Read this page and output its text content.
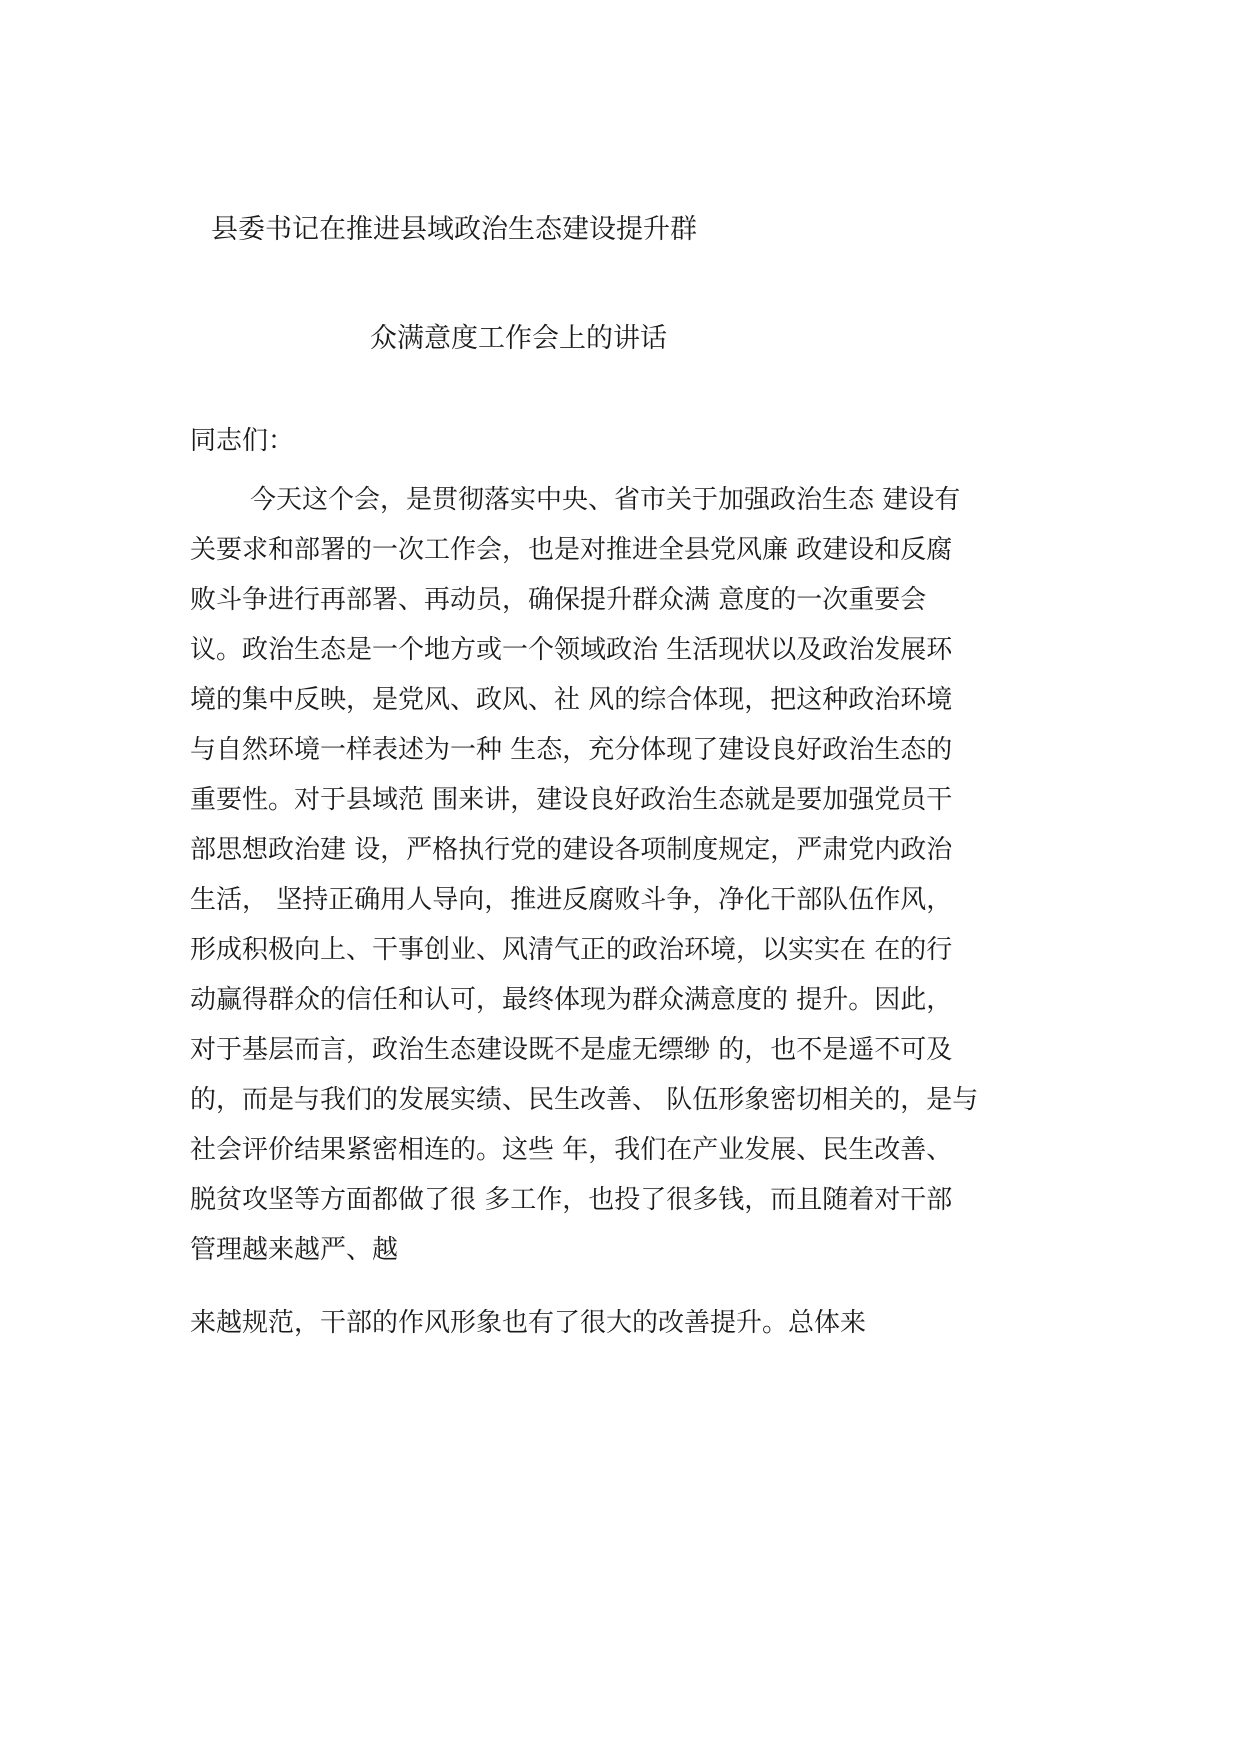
县委书记在推进县域政治生态建设提升群
众满意度工作会上的讲话

同志们：

今天这个会，是贯彻落实中央、省市关于加强政治生态 建设有

关要求和部署的一次工作会，也是对推进全县党风廉 政建设和反腐

败斗争进行再部署、再动员，确保提升群众满 意度的一次重要会

议。政治生态是一个地方或一个领域政治 生活现状以及政治发展环

境的集中反映，是党风、政风、社 风的综合体现，把这种政治环境

与自然环境一样表述为一种 生态，充分体现了建设良好政治生态的

重要性。对于县域范 围来讲，建设良好政治生态就是要加强党员干

部思想政治建 设，严格执行党的建设各项制度规定，严肃党内政治

生活， 坚持正确用人导向，推进反腐败斗争，净化干部队伍作风，

形成积极向上、干事创业、风清气正的政治环境，以实实在 在的行

动赢得群众的信任和认可，最终体现为群众满意度的 提升。因此，

对于基层而言，政治生态建设既不是虚无缥缈 的，也不是遥不可及

的，而是与我们的发展实绩、民生改善、 队伍形象密切相关的，是与

社会评价结果紧密相连的。这些 年，我们在产业发展、民生改善、

脱贫攻坚等方面都做了很 多工作，也投了很多钱，而且随着对干部

管理越来越严、越

来越规范，干部的作风形象也有了很大的改善提升。总体来
